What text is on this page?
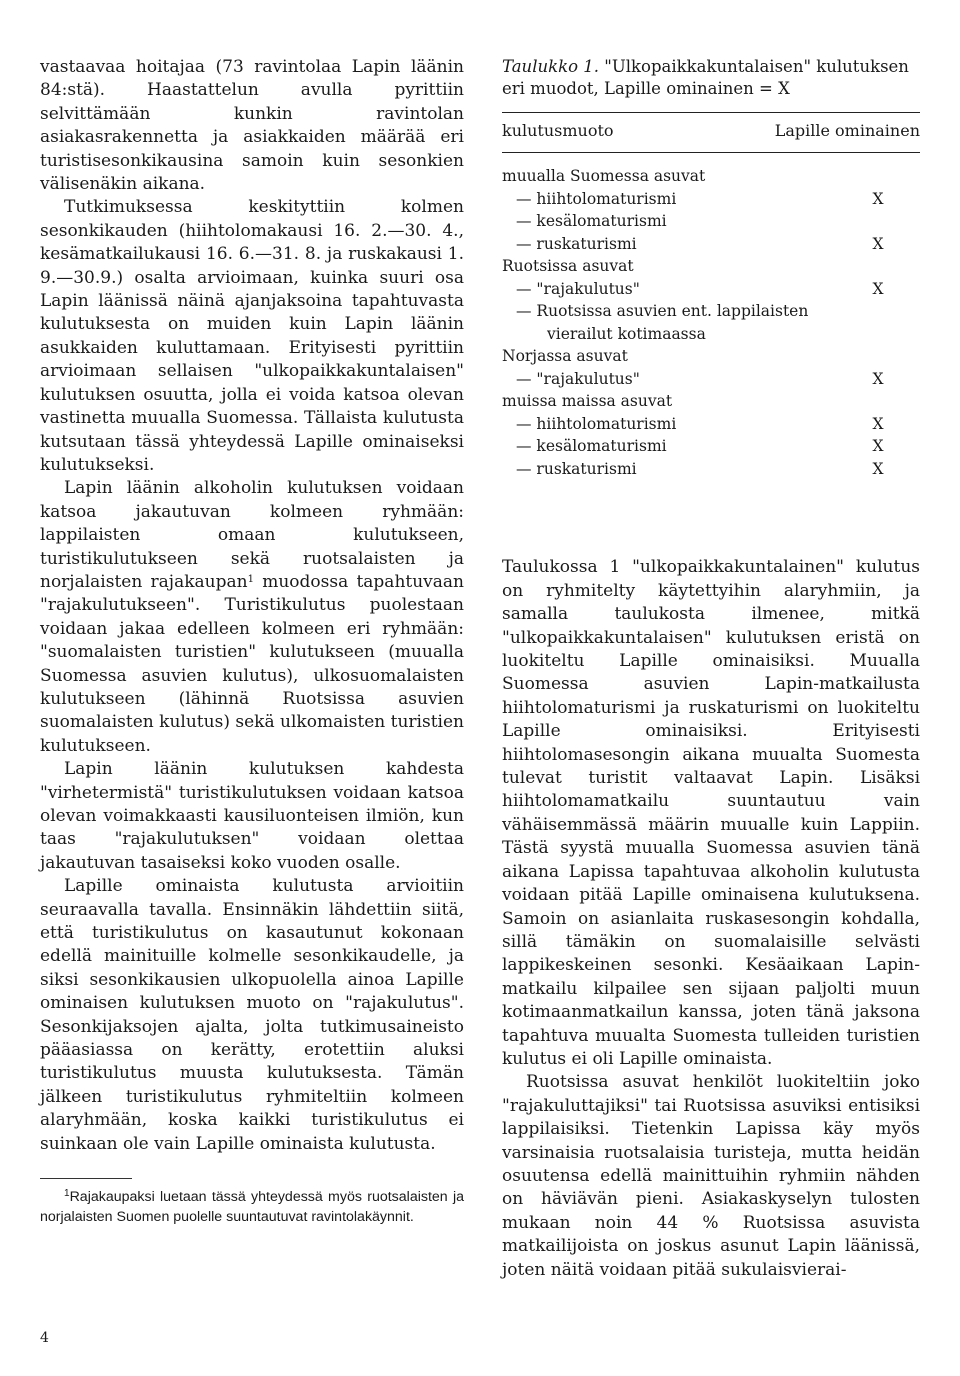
vastaavaa hoitajaa (73 ravintolaa Lapin läänin 84:stä). Haastattelun avulla pyrittiin selvittämään kunkin ravintolan asiakasrakennetta ja asiakkaiden määrää eri turistisesonkikausina samoin kuin sesonkien välisenäkin aikana.

Tutkimuksessa keskityttiin kolmen sesonkikauden (hiihtolomakausi 16. 2.—30. 4., kesämatkailukausi 16. 6.—31. 8. ja ruskakausi 1. 9.—30.9.) osalta arvioimaan, kuinka suuri osa Lapin läänissä näinä ajanjaksoina tapahtuvasta kulutuksesta on muiden kuin Lapin läänin asukkaiden kuluttamaan. Erityisesti pyrittiin arvioimaan sellaisen "ulkopaikkakuntalaisen" kulutuksen osuutta, jolla ei voida katsoa olevan vastinetta muualla Suomessa. Tällaista kulutusta kutsutaan tässä yhteydessä Lapille ominaiseksi kulutukseksi.

Lapin läänin alkoholin kulutuksen voidaan katsoa jakautuvan kolmeen ryhmään: lappilaisten omaan kulutukseen, turistikulutukseen sekä ruotsalaisten ja norjalaisten rajakaupan$^1$ muodossa tapahtuvaan "rajakulutukseen". Turistikulutus puolestaan voidaan jakaa edelleen kolmeen eri ryhmään: "suomalaisten turistien" kulutukseen (muualla Suomessa asuvien kulutus), ulkosuomalaisten kulutukseen (lähinnä Ruotsissa asuvien suomalaisten kulutus) sekä ulkomaisten turistien kulutukseen.

Lapin läänin kulutuksen kahdesta "virhetermistä" turistikulutuksen voidaan katsoa olevan voimakkaasti kausiluonteisen ilmiön, kun taas "rajakulutuksen" voidaan olettaa jakautuvan tasaiseksi koko vuoden osalle.

Lapille ominaista kulutusta arvioitiin seuraavalla tavalla. Ensinnäkin lähdettiin siitä, että turistikulutus on kasautunut kokonaan edellä mainituille kolmelle sesonkikaudelle, ja siksi sesonkikausien ulkopuolella ainoa Lapille ominaisen kulutuksen muoto on "rajakulutus". Sesonkijaksojen ajalta, jolta tutkimusaineisto pääasiassa on kerätty, erotettiin aluksi turistikulutus muusta kulutuksesta. Tämän jälkeen turistikulutus ryhmiteltiin kolmeen alaryhmään, koska kaikki turistikulutus ei suinkaan ole vain Lapille ominaista kulutusta.

$^1$Rajakaupaksi luetaan tässä yhteydessä myös ruotsalaisten ja norjalaisten Suomen puolelle suuntautuvat ravintolakäynnit.

4
Taulukko 1. "Ulkopaikkakuntalaisen" kulutuksen eri muodot, Lapille ominainen = X
kulutusmuoto	Lapille ominainen
muualla Suomessa asuvat
— hiihtolomaturismi	X
— kesälomaturismi
— ruskaturismi	X
Ruotsissa asuvat
— "rajakulutus"	X
— Ruotsissa asuvien ent. lappilaisten
vierailut kotimaassa
Norjassa asuvat
— "rajakulutus"	X
muissa maissa asuvat
— hiihtolomaturismi	X
— kesälomaturismi	X
— ruskaturismi	X

Taulukossa 1 "ulkopaikkakuntalainen" kulutus on ryhmitelty käytettyihin alaryhmiin, ja samalla taulukosta ilmenee, mitkä "ulkopaikkakuntalaisen" kulutuksen eristä on luokiteltu Lapille ominaisiksi. Muualla Suomessa asuvien Lapin-matkailusta hiihtolomaturismi ja ruskaturismi on luokiteltu Lapille ominaisiksi. Erityisesti hiihtolomasesongin aikana muualta Suomesta tulevat turistit valtaavat Lapin. Lisäksi hiihtolomamatkailu suuntautuu vain vähäisemmässä määrin muualle kuin Lappiin. Tästä syystä muualla Suomessa asuvien tänä aikana Lapissa tapahtuvaa alkoholin kulutusta voidaan pitää Lapille ominaisena kulutuksena. Samoin on asianlaita ruskasesongin kohdalla, sillä tämäkin on suomalaisille selvästi lappikeskeinen sesonki. Kesäaikaan Lapin-matkailu kilpailee sen sijaan paljolti muun kotimaanmatkailun kanssa, joten tänä jaksona tapahtuva muualta Suomesta tulleiden turistien kulutus ei oli Lapille ominaista.

Ruotsissa asuvat henkilöt luokiteltiin joko "rajakuluttajiksi" tai Ruotsissa asuviksi entisiksi lappilaisiksi. Tietenkin Lapissa käy myös varsinaisia ruotsalaisia turisteja, mutta heidän osuutensa edellä mainittuihin ryhmiin nähden on häviävän pieni. Asiakaskyselyn tulosten mukaan noin 44 % Ruotsissa asuvista matkailijoista on joskus asunut Lapin läänissä, joten näitä voidaan pitää sukulaisvierai-
